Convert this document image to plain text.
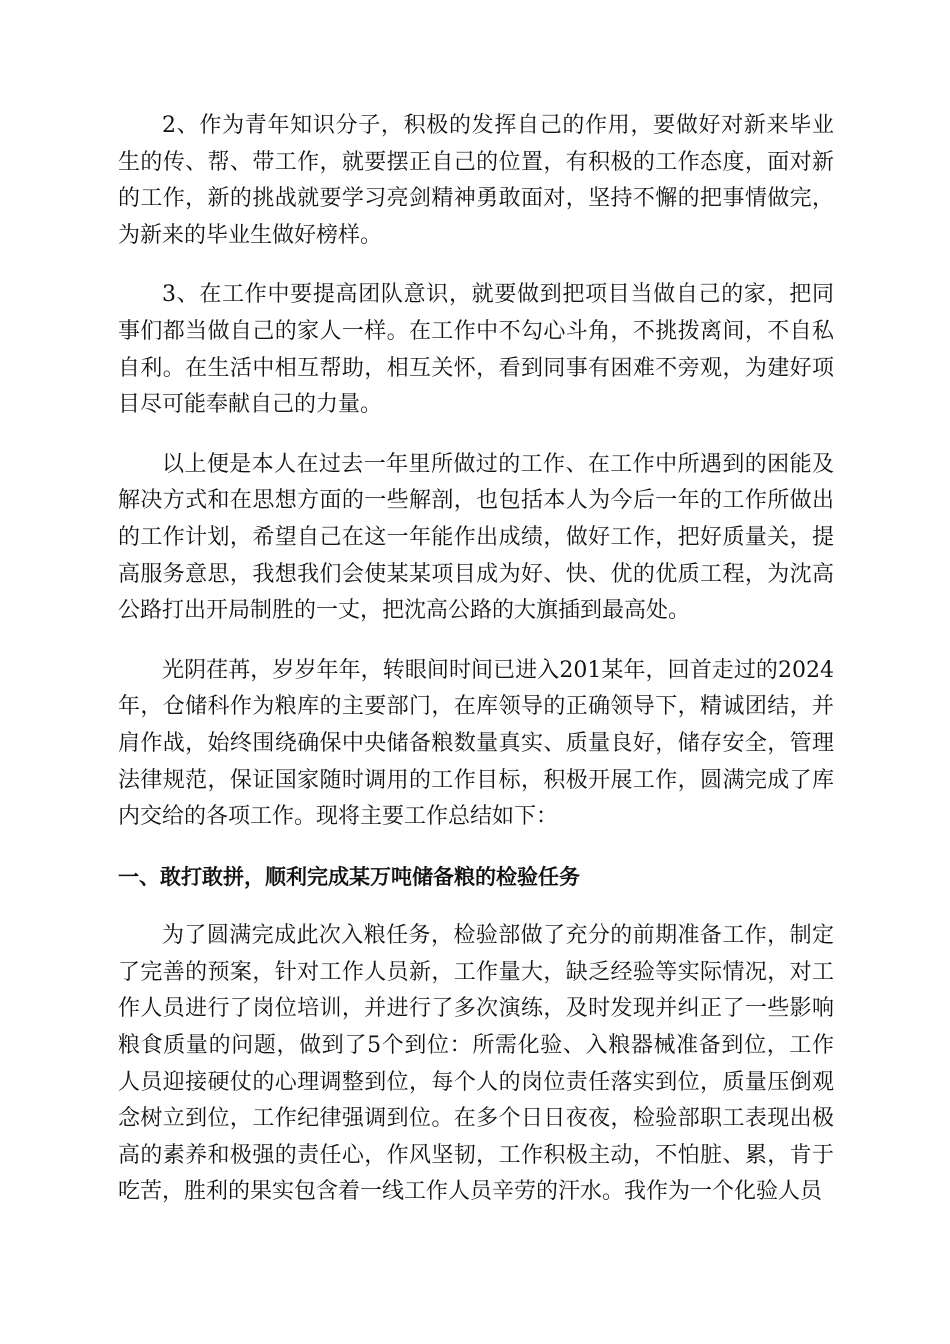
2、作为青年知识分子，积极的发挥自己的作用，要做好对新来毕业生的传、帮、带工作，就要摆正自己的位置，有积极的工作态度，面对新的工作，新的挑战就要学习亮剑精神勇敢面对，坚持不懈的把事情做完，为新来的毕业生做好榜样。

3、在工作中要提高团队意识，就要做到把项目当做自己的家，把同事们都当做自己的家人一样。在工作中不勾心斗角，不挑拨离间，不自私自利。在生活中相互帮助，相互关怀，看到同事有困难不旁观，为建好项目尽可能奉献自己的力量。

以上便是本人在过去一年里所做过的工作、在工作中所遇到的困能及解决方式和在思想方面的一些解剖，也包括本人为今后一年的工作所做出的工作计划，希望自己在这一年能作出成绩，做好工作，把好质量关，提高服务意思，我想我们会使某某项目成为好、快、优的优质工程，为沈高公路打出开局制胜的一丈，把沈高公路的大旗插到最高处。

光阴荏苒，岁岁年年，转眼间时间已进入201某年，回首走过的2024年，仓储科作为粮库的主要部门，在库领导的正确领导下，精诚团结，并肩作战，始终围绕确保中央储备粮数量真实、质量良好，储存安全，管理法律规范，保证国家随时调用的工作目标，积极开展工作，圆满完成了库内交给的各项工作。现将主要工作总结如下：

一、敢打敢拼，顺利完成某万吨储备粮的检验任务

为了圆满完成此次入粮任务，检验部做了充分的前期准备工作，制定了完善的预案，针对工作人员新，工作量大，缺乏经验等实际情况，对工作人员进行了岗位培训，并进行了多次演练，及时发现并纠正了一些影响粮食质量的问题，做到了5个到位：所需化验、入粮器械准备到位，工作人员迎接硬仗的心理调整到位，每个人的岗位责任落实到位，质量压倒观念树立到位，工作纪律强调到位。在多个日日夜夜，检验部职工表现出极高的素养和极强的责任心，作风坚韧，工作积极主动，不怕脏、累，肯于吃苦，胜利的果实包含着一线工作人员辛劳的汗水。我作为一个化验人员
